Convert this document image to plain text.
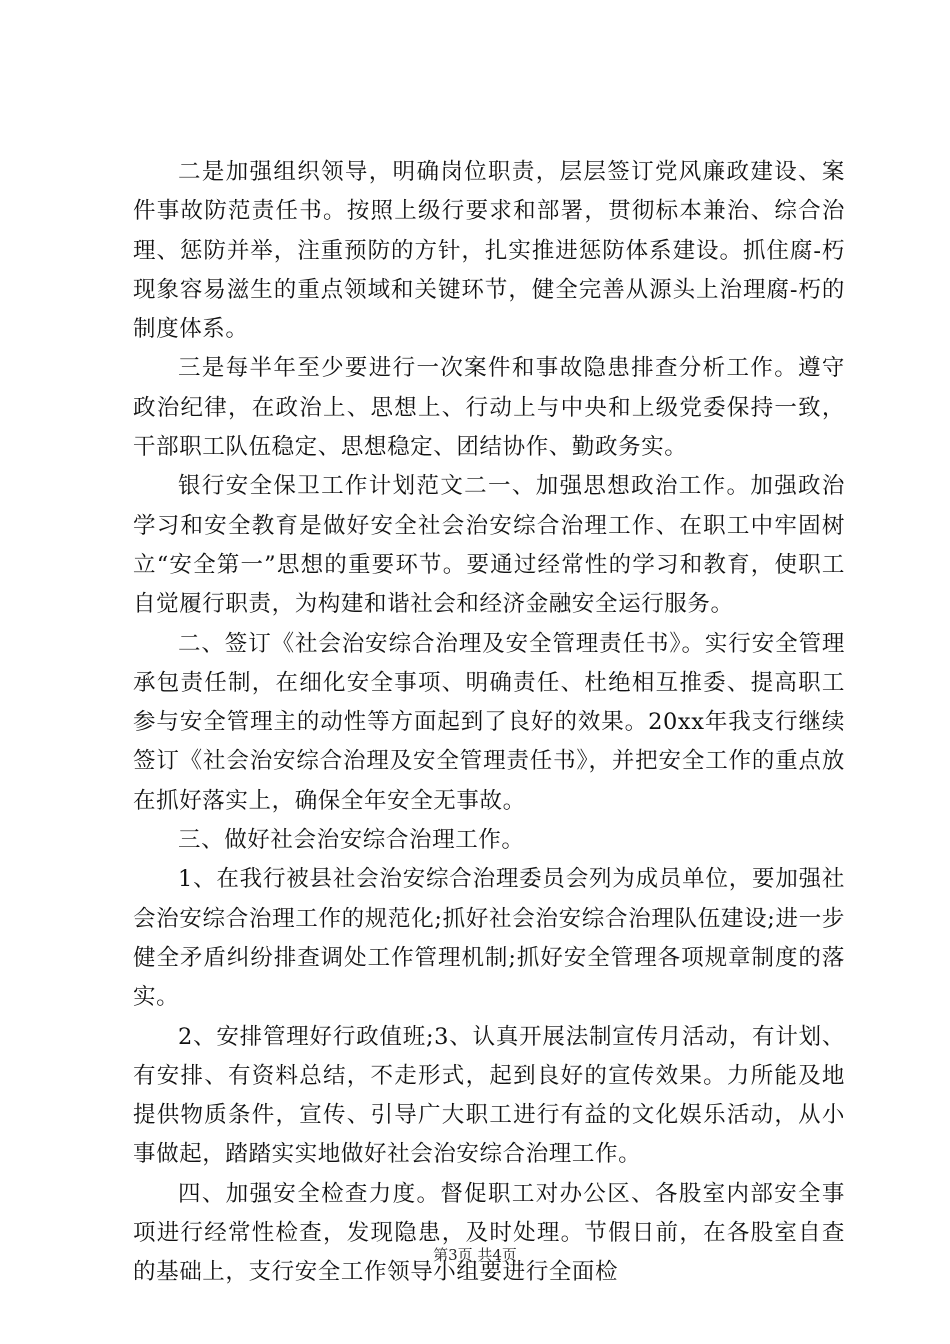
二是加强组织领导，明确岗位职责，层层签订党风廉政建设、案件事故防范责任书。按照上级行要求和部署，贯彻标本兼治、综合治理、惩防并举，注重预防的方针，扎实推进惩防体系建设。抓住腐-朽现象容易滋生的重点领域和关键环节，健全完善从源头上治理腐-朽的制度体系。

三是每半年至少要进行一次案件和事故隐患排查分析工作。遵守政治纪律，在政治上、思想上、行动上与中央和上级党委保持一致，干部职工队伍稳定、思想稳定、团结协作、勤政务实。

银行安全保卫工作计划范文二一、加强思想政治工作。加强政治学习和安全教育是做好安全社会治安综合治理工作、在职工中牢固树立“安全第一”思想的重要环节。要通过经常性的学习和教育，使职工自觉履行职责，为构建和谐社会和经济金融安全运行服务。

二、签订《社会治安综合治理及安全管理责任书》。实行安全管理承包责任制，在细化安全事项、明确责任、杜绝相互推委、提高职工参与安全管理主的动性等方面起到了良好的效果。20xx年我支行继续签订《社会治安综合治理及安全管理责任书》，并把安全工作的重点放在抓好落实上，确保全年安全无事故。

三、做好社会治安综合治理工作。

1、在我行被县社会治安综合治理委员会列为成员单位，要加强社会治安综合治理工作的规范化;抓好社会治安综合治理队伍建设;进一步健全矛盾纠纷排查调处工作管理机制;抓好安全管理各项规章制度的落实。

2、安排管理好行政值班;3、认真开展法制宣传月活动，有计划、有安排、有资料总结，不走形式，起到良好的宣传效果。力所能及地提供物质条件，宣传、引导广大职工进行有益的文化娱乐活动，从小事做起，踏踏实实地做好社会治安综合治理工作。

四、加强安全检查力度。督促职工对办公区、各股室内部安全事项进行经常性检查，发现隐患，及时处理。节假日前，在各股室自查的基础上，支行安全工作领导小组要进行全面检

第3页 共4页
